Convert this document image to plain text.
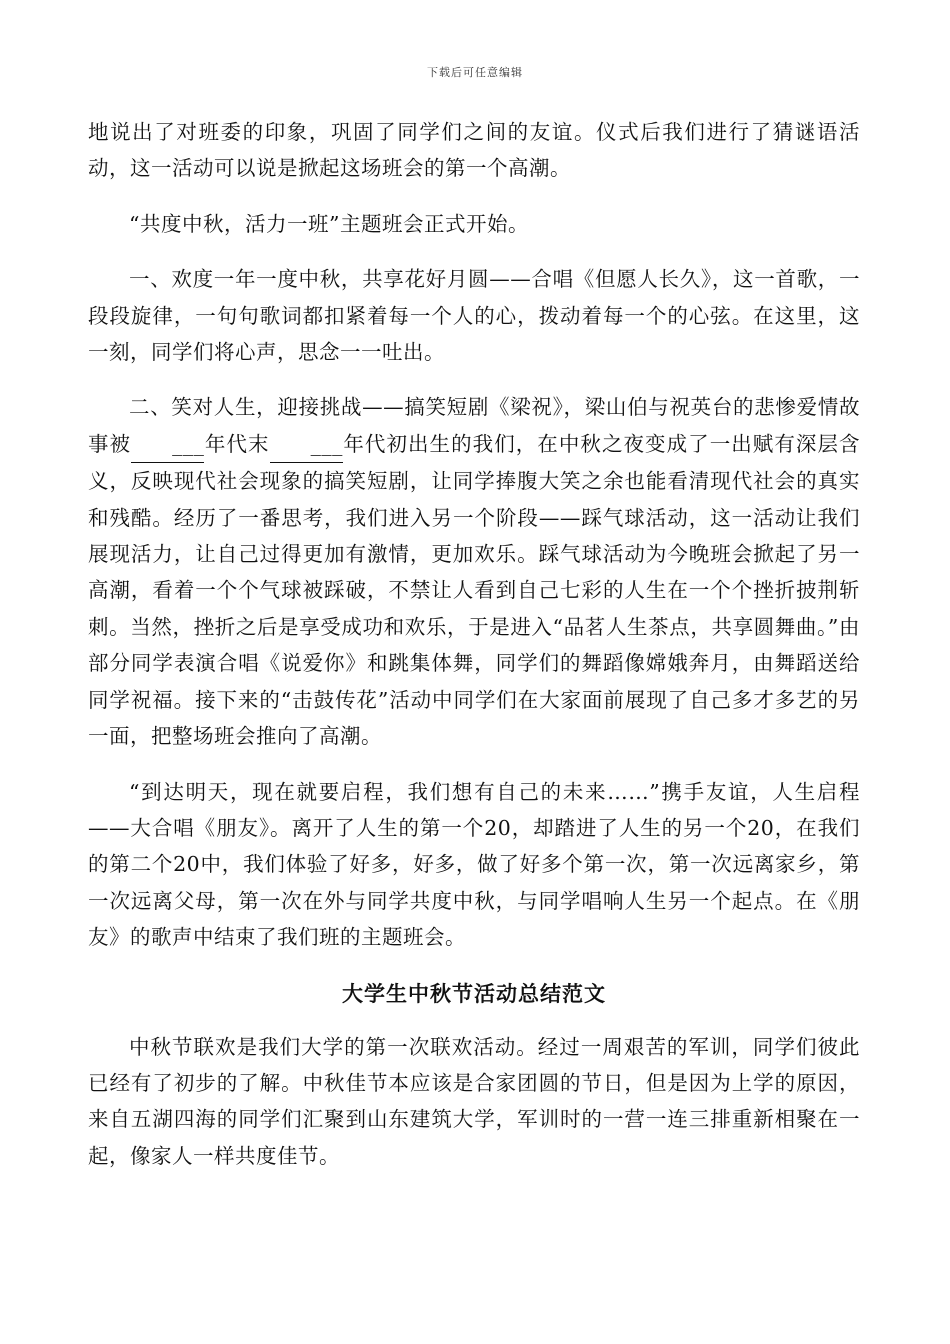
下载后可任意编辑

地说出了对班委的印象，巩固了同学们之间的友谊。仪式后我们进行了猜谜语活动，这一活动可以说是掀起这场班会的第一个高潮。

“共度中秋，活力一班”主题班会正式开始。

一、欢度一年一度中秋，共享花好月圆——合唱《但愿人长久》，这一首歌，一段段旋律，一句句歌词都扣紧着每一个人的心，拨动着每一个的心弦。在这里，这一刻，同学们将心声，思念一一吐出。

二、笑对人生，迎接挑战——搞笑短剧《梁祝》，梁山伯与祝英台的悲惨爱情故事被 ___年代末 ___年代初出生的我们，在中秋之夜变成了一出赋有深层含义，反映现代社会现象的搞笑短剧，让同学捧腹大笑之余也能看清现代社会的真实和残酷。经历了一番思考，我们进入另一个阶段——踩气球活动，这一活动让我们展现活力，让自己过得更加有激情，更加欢乐。踩气球活动为今晚班会掀起了另一高潮，看着一个个气球被踩破，不禁让人看到自己七彩的人生在一个个挫折披荆斩刺。当然，挫折之后是享受成功和欢乐，于是进入“品茗人生茶点，共享圆舞曲。”由部分同学表演合唱《说爱你》和跳集体舞，同学们的舞蹈像嫦娥奔月，由舞蹈送给同学祝福。接下来的“击鼓传花”活动中同学们在大家面前展现了自己多才多艺的另一面，把整场班会推向了高潮。

“到达明天，现在就要启程，我们想有自己的未来……”携手友谊，人生启程——大合唱《朋友》。离开了人生的第一个20，却踏进了人生的另一个20，在我们的第二个20中，我们体验了好多，好多，做了好多个第一次，第一次远离家乡，第一次远离父母，第一次在外与同学共度中秋，与同学唱响人生另一个起点。在《朋友》的歌声中结束了我们班的主题班会。

大学生中秋节活动总结范文

中秋节联欢是我们大学的第一次联欢活动。经过一周艰苦的军训，同学们彼此已经有了初步的了解。中秋佳节本应该是合家团圆的节日，但是因为上学的原因，来自五湖四海的同学们汇聚到山东建筑大学，军训时的一营一连三排重新相聚在一起，像家人一样共度佳节。
